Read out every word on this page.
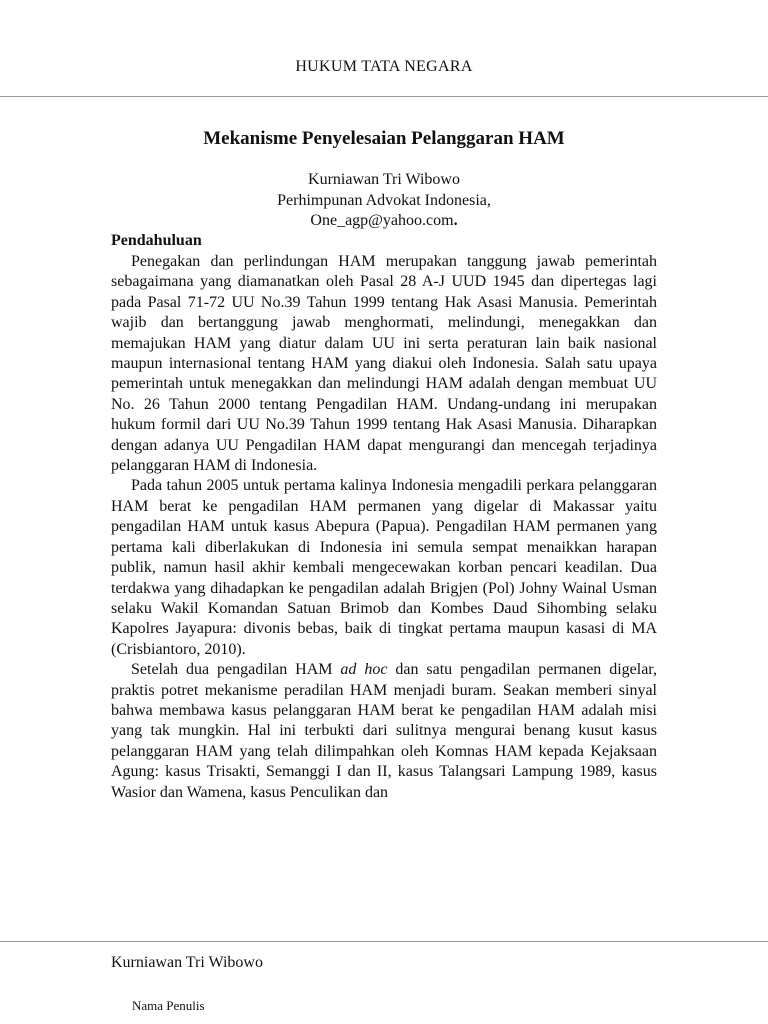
HUKUM TATA NEGARA
Mekanisme Penyelesaian Pelanggaran HAM
Kurniawan Tri Wibowo
Perhimpunan Advokat Indonesia,
One_agp@yahoo.com.
Pendahuluan

Penegakan dan perlindungan HAM merupakan tanggung jawab pemerintah sebagaimana yang diamanatkan oleh Pasal 28 A-J UUD 1945 dan dipertegas lagi pada Pasal 71-72 UU No.39 Tahun 1999 tentang Hak Asasi Manusia. Pemerintah wajib dan bertanggung jawab menghormati, melindungi, menegakkan dan memajukan HAM yang diatur dalam UU ini serta peraturan lain baik nasional maupun internasional tentang HAM yang diakui oleh Indonesia. Salah satu upaya pemerintah untuk menegakkan dan melindungi HAM adalah dengan membuat UU No. 26 Tahun 2000 tentang Pengadilan HAM. Undang-undang ini merupakan hukum formil dari UU No.39 Tahun 1999 tentang Hak Asasi Manusia. Diharapkan dengan adanya UU Pengadilan HAM dapat mengurangi dan mencegah terjadinya pelanggaran HAM di Indonesia.

Pada tahun 2005 untuk pertama kalinya Indonesia mengadili perkara pelanggaran HAM berat ke pengadilan HAM permanen yang digelar di Makassar yaitu pengadilan HAM untuk kasus Abepura (Papua). Pengadilan HAM permanen yang pertama kali diberlakukan di Indonesia ini semula sempat menaikkan harapan publik, namun hasil akhir kembali mengecewakan korban pencari keadilan. Dua terdakwa yang dihadapkan ke pengadilan adalah Brigjen (Pol) Johny Wainal Usman selaku Wakil Komandan Satuan Brimob dan Kombes Daud Sihombing selaku Kapolres Jayapura: divonis bebas, baik di tingkat pertama maupun kasasi di MA (Crisbiantoro, 2010).

Setelah dua pengadilan HAM ad hoc dan satu pengadilan permanen digelar, praktis potret mekanisme peradilan HAM menjadi buram. Seakan memberi sinyal bahwa membawa kasus pelanggaran HAM berat ke pengadilan HAM adalah misi yang tak mungkin. Hal ini terbukti dari sulitnya mengurai benang kusut kasus pelanggaran HAM yang telah dilimpahkan oleh Komnas HAM kepada Kejaksaan Agung: kasus Trisakti, Semanggi I dan II, kasus Talangsari Lampung 1989, kasus Wasior dan Wamena, kasus Penculikan dan

Kurniawan Tri Wibowo
Nama Penulis
